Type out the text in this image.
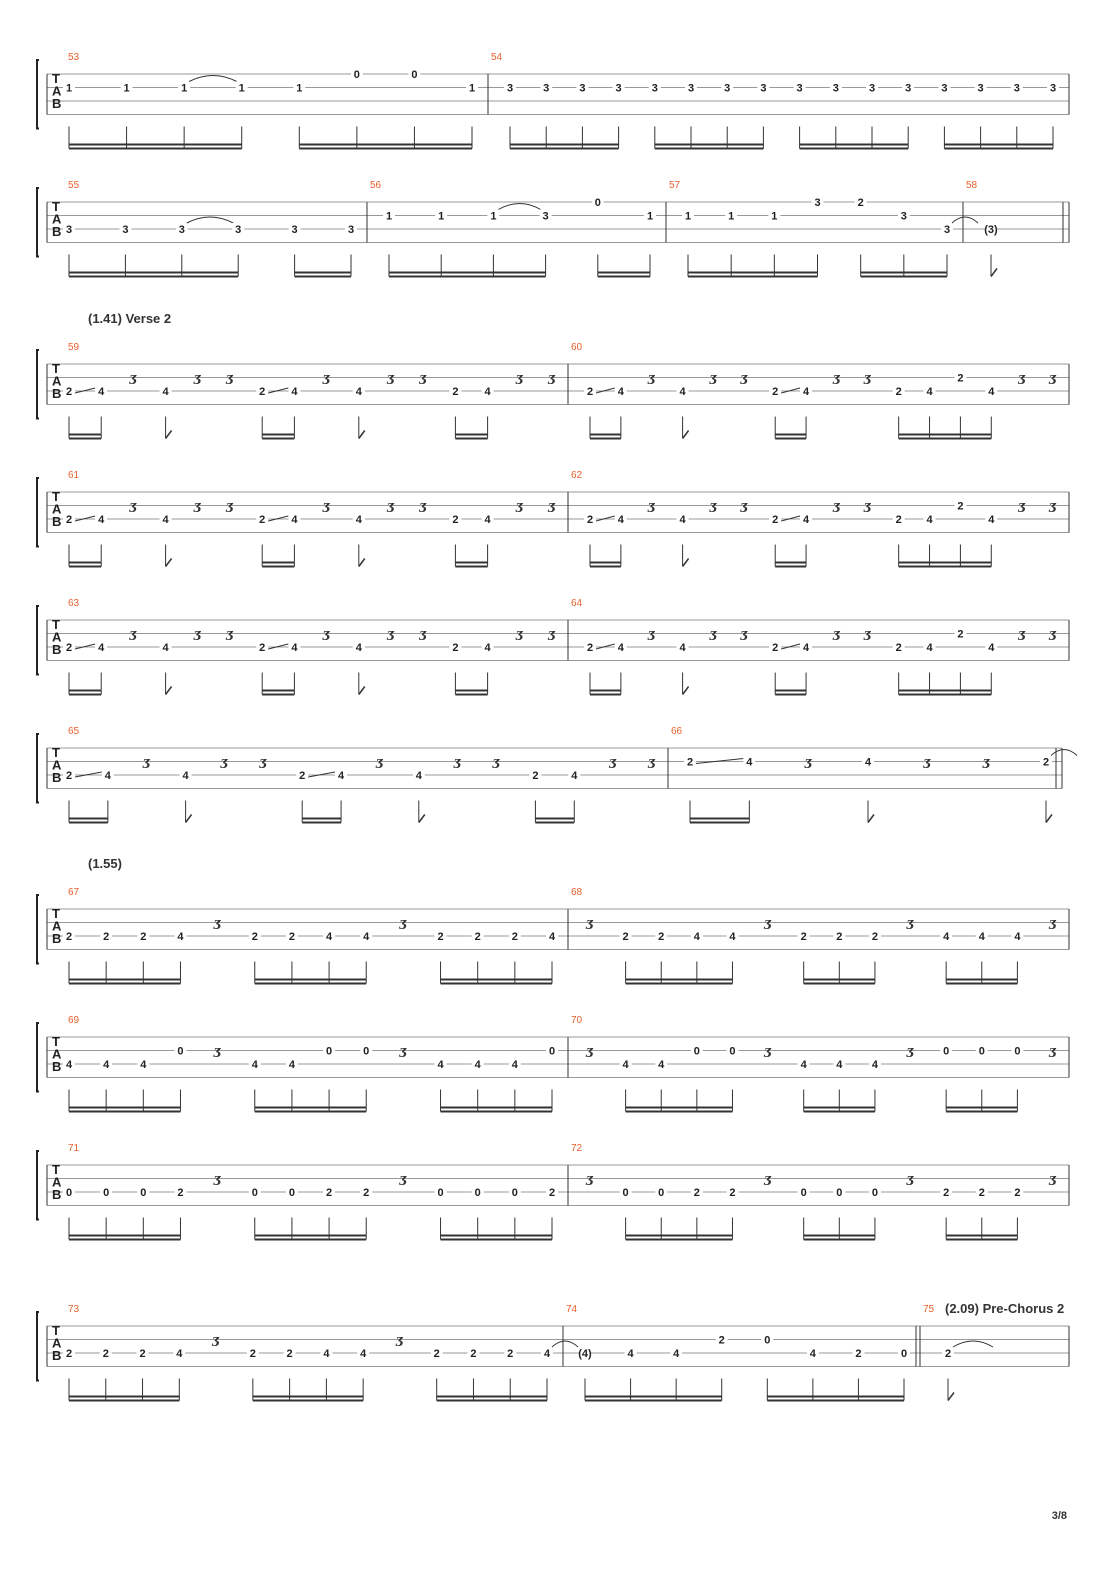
T
A
B
53
1	1	1	1	1
0	0
1
54
3	3	3	3	3	3	3	3	3	3	3	3	3	3	3	3
T
A
B
55
3	3	3	3	3	3
56
1	1	1	3
0
1
57
1	1	1
3	2
3
3
58
(3)
T
A
B
59
2 4
ʒ
4
ʒ ʒ
2 4
ʒ
4
ʒ ʒ
2 4
ʒ ʒ
60
2 4
ʒ
4
ʒ ʒ
2 4
ʒ ʒ
2 4
2
4
ʒ ʒ
T
A
B
61
2 4
ʒ
4
ʒ ʒ
2 4
ʒ
4
ʒ ʒ
2 4
ʒ ʒ
62
2 4
ʒ
4
ʒ ʒ
2 4
ʒ ʒ
2 4
2
4
ʒ ʒ
T
A
B
63
2 4
ʒ
4
ʒ ʒ
2 4
ʒ
4
ʒ ʒ
2 4
ʒ ʒ
64
2 4
ʒ
4
ʒ ʒ
2 4
ʒ ʒ
2 4
2
4
ʒ ʒ
T
A
B
65
2	4
ʒ
4
ʒ	ʒ
2	4
ʒ
4
ʒ	ʒ
2	4
ʒ	ʒ
66
2	4	ʒ	4	ʒ	ʒ	2
T
A
B
67
2	2	2	4
ʒ
2	2	4	4
ʒ
2	2	2	4
68
ʒ
2	2	4	4
ʒ
2	2	2
ʒ
4	4	4
ʒ
T
A
B
69
4	4	4
0	ʒ
4	4
0	0	ʒ
4	4	4
0
70
ʒ
4	4
0	0 ʒ
4	4	4
ʒ	0	0	0 ʒ
T
A
B
71
0	0	0	2
ʒ
0	0	2	2
ʒ
0	0	0	2
72
ʒ
0	0	2	2
ʒ
0	0	0
ʒ
2	2	2
ʒ
T
A
B
73
2	2	2	4
ʒ
2	2	4	4
ʒ
2	2	2	4
74
(4)	4	4
2	0
4	2	0
75
2
(1.41) Verse 2
(1.55)
(2.09) Pre-Chorus 2
3/8
